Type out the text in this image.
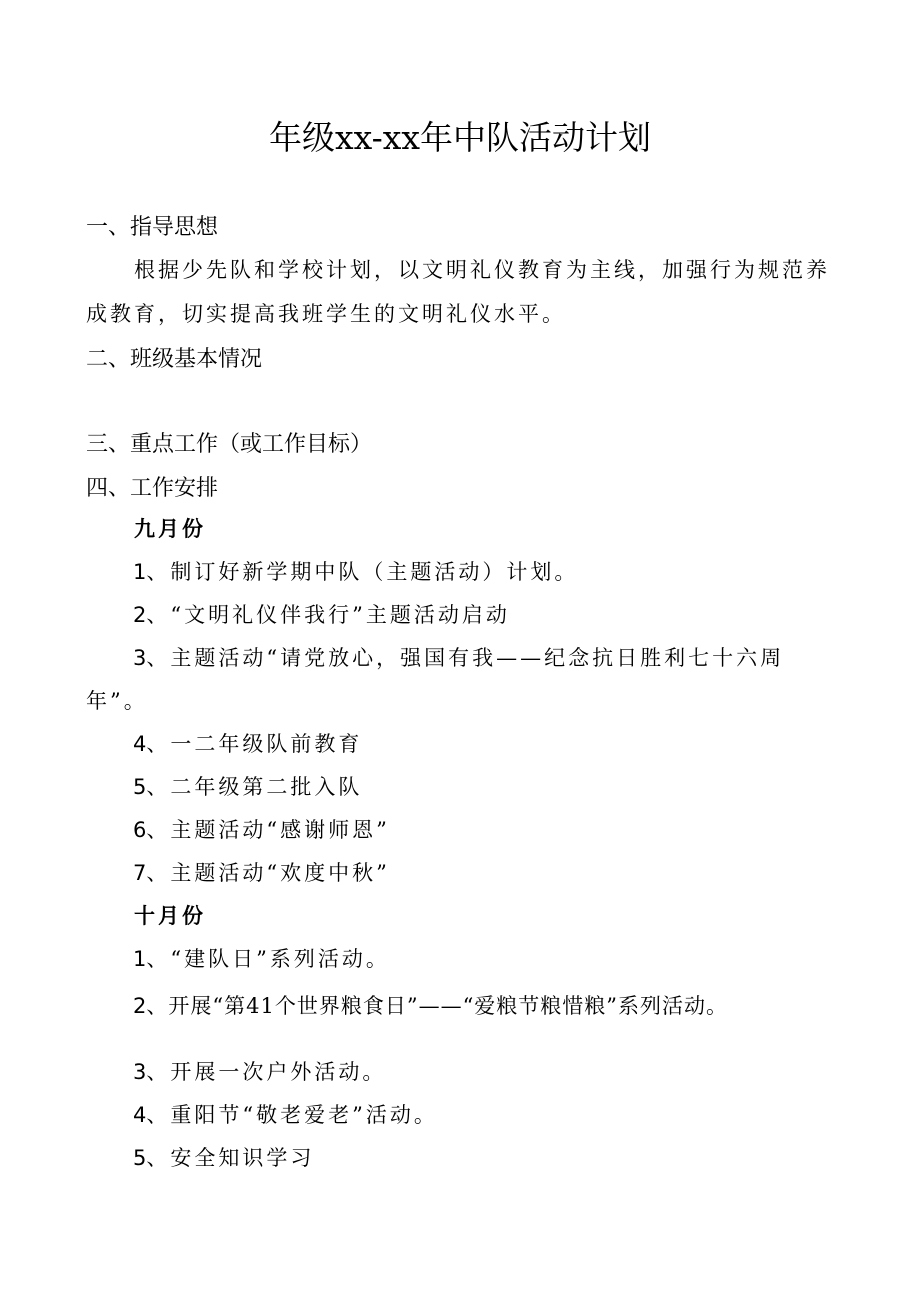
年级xx-xx年中队活动计划
一、指导思想
根据少先队和学校计划，以文明礼仪教育为主线，加强行为规范养
成教育，切实提高我班学生的文明礼仪水平。
二、班级基本情况
三、重点工作（或工作目标）
四、工作安排
九月份
1、制订好新学期中队（主题活动）计划。
2、“文明礼仪伴我行”主题活动启动
3、主题活动“请党放心，强国有我——纪念抗日胜利七十六周
年”。
4、一二年级队前教育
5、二年级第二批入队
6、主题活动“感谢师恩”
7、主题活动“欢度中秋”
十月份
1、“建队日”系列活动。
2、开展“第41个世界粮食日”——“爱粮节粮惜粮”系列活动。
3、开展一次户外活动。
4、重阳节“敬老爱老”活动。
5、安全知识学习
